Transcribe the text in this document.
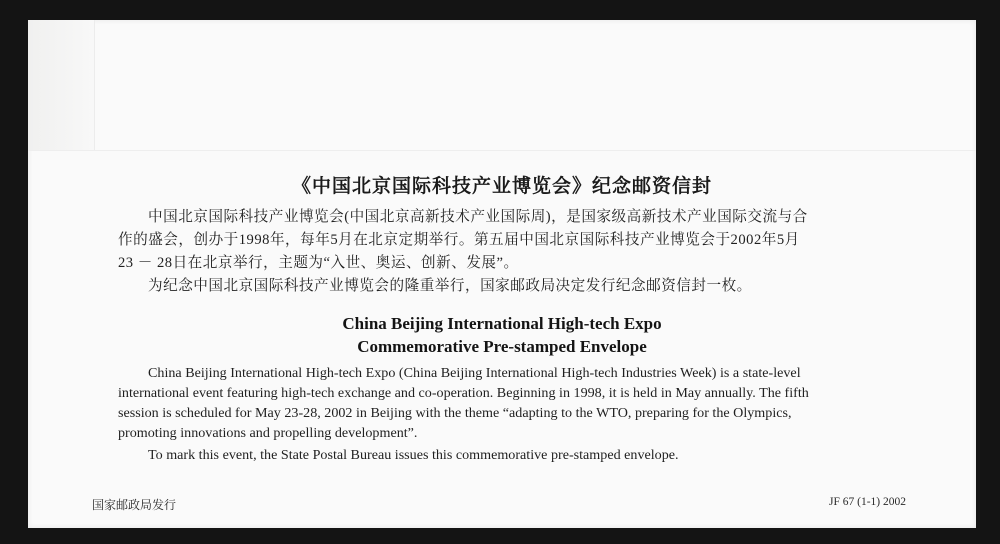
《中国北京国际科技产业博览会》纪念邮资信封
中国北京国际科技产业博览会(中国北京高新技术产业国际周)，是国家级高新技术产业国际交流与合
作的盛会，创办于1998年，每年5月在北京定期举行。第五届中国北京国际科技产业博览会于2002年5月
23 － 28日在北京举行，主题为“入世、奥运、创新、发展”。
为纪念中国北京国际科技产业博览会的隆重举行，国家邮政局决定发行纪念邮资信封一枚。
China Beijing International High-tech Expo
Commemorative Pre-stamped Envelope
China Beijing International High-tech Expo (China Beijing International High-tech Industries Week) is a state-level
international event featuring high-tech exchange and co-operation. Beginning in 1998, it is held in May annually. The fifth
session is scheduled for May 23-28, 2002 in Beijing with the theme “adapting to the WTO, preparing for the Olympics,
promoting innovations and propelling development”.
To mark this event, the State Postal Bureau issues this commemorative pre-stamped envelope.
国家邮政局发行	JF 67 (1-1) 2002
